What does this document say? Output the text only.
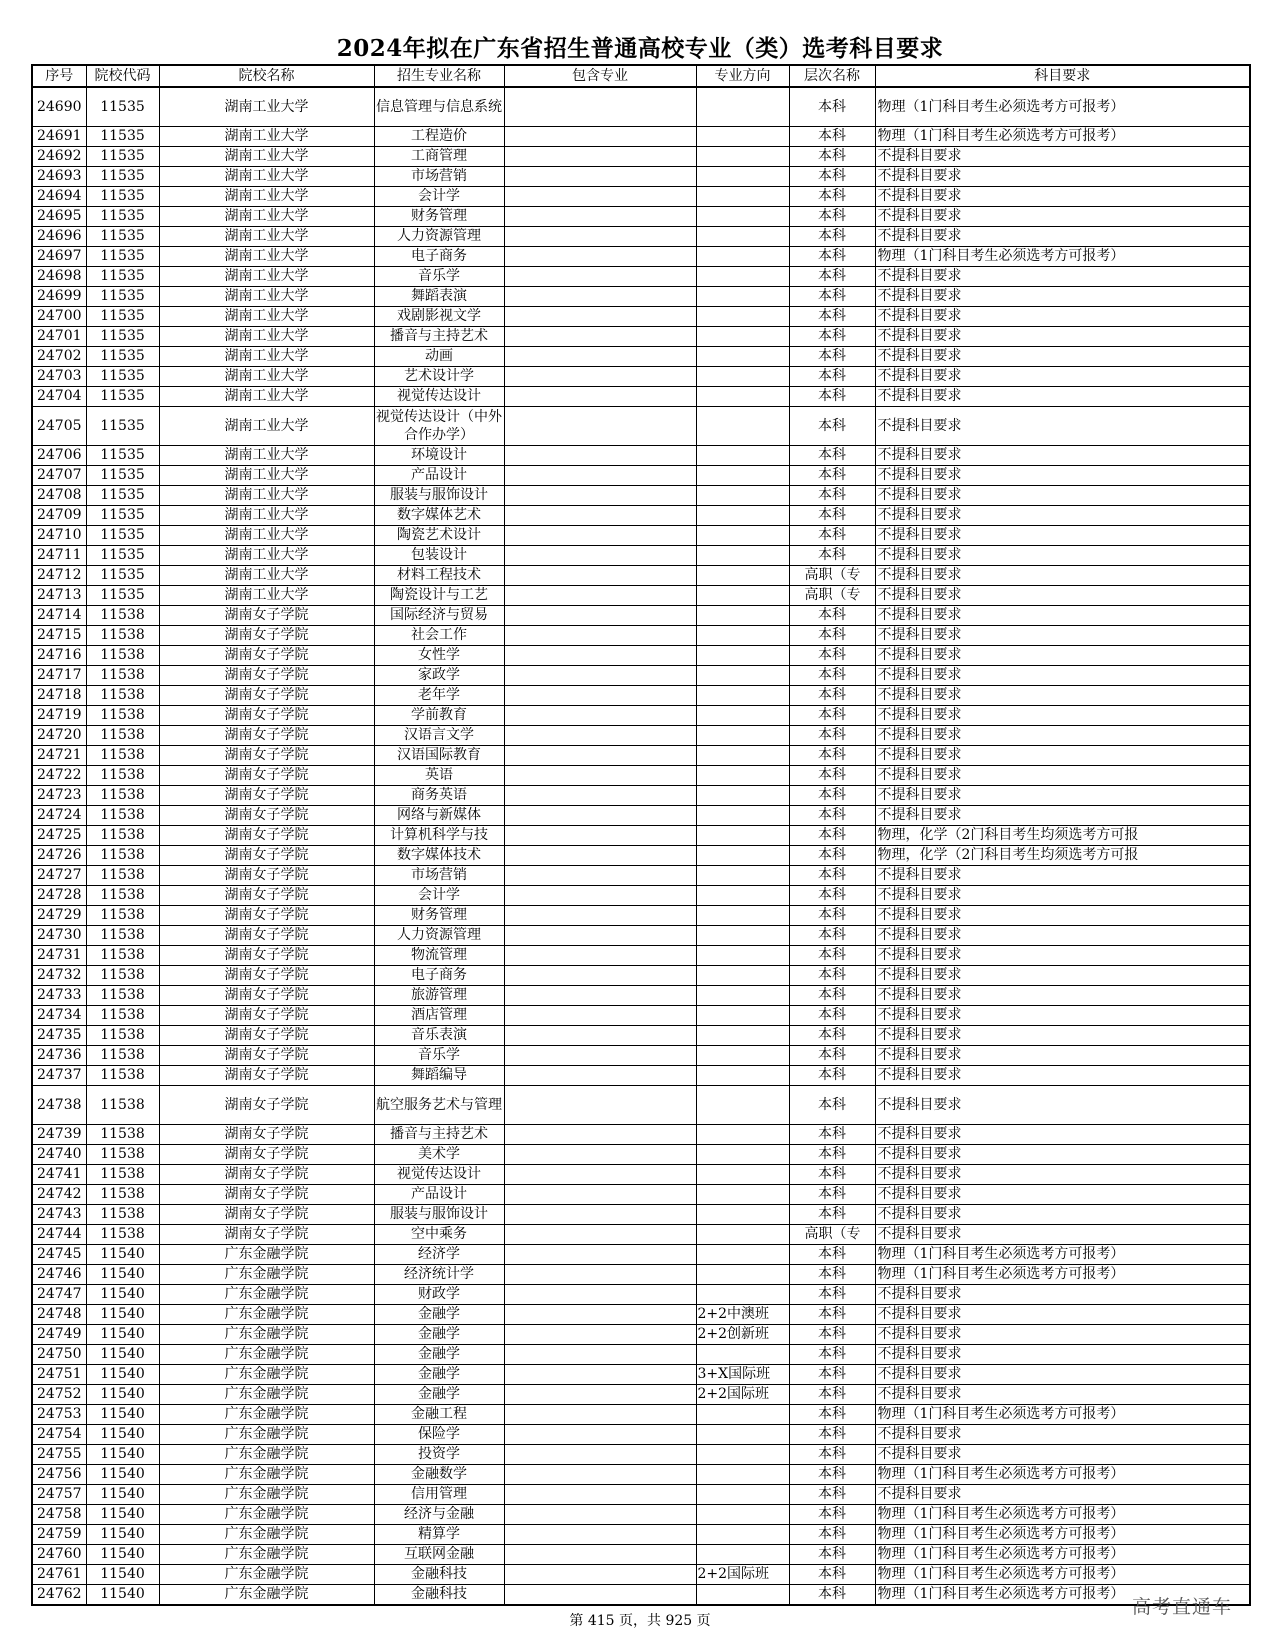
2024年拟在广东省招生普通高校专业（类）选考科目要求
序号	院校代码	院校名称	招生专业名称	包含专业	专业方向	层次名称	科目要求
24690	11535	湖南工业大学	信息管理与信息系统			本科	物理（1门科目考生必须选考方可报考）
24691	11535	湖南工业大学	工程造价			本科	物理（1门科目考生必须选考方可报考）
24692	11535	湖南工业大学	工商管理			本科	不提科目要求
24693	11535	湖南工业大学	市场营销			本科	不提科目要求
24694	11535	湖南工业大学	会计学			本科	不提科目要求
24695	11535	湖南工业大学	财务管理			本科	不提科目要求
24696	11535	湖南工业大学	人力资源管理			本科	不提科目要求
24697	11535	湖南工业大学	电子商务			本科	物理（1门科目考生必须选考方可报考）
24698	11535	湖南工业大学	音乐学			本科	不提科目要求
24699	11535	湖南工业大学	舞蹈表演			本科	不提科目要求
24700	11535	湖南工业大学	戏剧影视文学			本科	不提科目要求
24701	11535	湖南工业大学	播音与主持艺术			本科	不提科目要求
24702	11535	湖南工业大学	动画			本科	不提科目要求
24703	11535	湖南工业大学	艺术设计学			本科	不提科目要求
24704	11535	湖南工业大学	视觉传达设计			本科	不提科目要求
24705	11535	湖南工业大学	视觉传达设计（中外合作办学）			本科	不提科目要求
24706	11535	湖南工业大学	环境设计			本科	不提科目要求
24707	11535	湖南工业大学	产品设计			本科	不提科目要求
24708	11535	湖南工业大学	服装与服饰设计			本科	不提科目要求
24709	11535	湖南工业大学	数字媒体艺术			本科	不提科目要求
24710	11535	湖南工业大学	陶瓷艺术设计			本科	不提科目要求
24711	11535	湖南工业大学	包装设计			本科	不提科目要求
24712	11535	湖南工业大学	材料工程技术			高职（专	不提科目要求
24713	11535	湖南工业大学	陶瓷设计与工艺			高职（专	不提科目要求
24714	11538	湖南女子学院	国际经济与贸易			本科	不提科目要求
24715	11538	湖南女子学院	社会工作			本科	不提科目要求
24716	11538	湖南女子学院	女性学			本科	不提科目要求
24717	11538	湖南女子学院	家政学			本科	不提科目要求
24718	11538	湖南女子学院	老年学			本科	不提科目要求
24719	11538	湖南女子学院	学前教育			本科	不提科目要求
24720	11538	湖南女子学院	汉语言文学			本科	不提科目要求
24721	11538	湖南女子学院	汉语国际教育			本科	不提科目要求
24722	11538	湖南女子学院	英语			本科	不提科目要求
24723	11538	湖南女子学院	商务英语			本科	不提科目要求
24724	11538	湖南女子学院	网络与新媒体			本科	不提科目要求
24725	11538	湖南女子学院	计算机科学与技			本科	物理，化学（2门科目考生均须选考方可报
24726	11538	湖南女子学院	数字媒体技术			本科	物理，化学（2门科目考生均须选考方可报
24727	11538	湖南女子学院	市场营销			本科	不提科目要求
24728	11538	湖南女子学院	会计学			本科	不提科目要求
24729	11538	湖南女子学院	财务管理			本科	不提科目要求
24730	11538	湖南女子学院	人力资源管理			本科	不提科目要求
24731	11538	湖南女子学院	物流管理			本科	不提科目要求
24732	11538	湖南女子学院	电子商务			本科	不提科目要求
24733	11538	湖南女子学院	旅游管理			本科	不提科目要求
24734	11538	湖南女子学院	酒店管理			本科	不提科目要求
24735	11538	湖南女子学院	音乐表演			本科	不提科目要求
24736	11538	湖南女子学院	音乐学			本科	不提科目要求
24737	11538	湖南女子学院	舞蹈编导			本科	不提科目要求
24738	11538	湖南女子学院	航空服务艺术与管理			本科	不提科目要求
24739	11538	湖南女子学院	播音与主持艺术			本科	不提科目要求
24740	11538	湖南女子学院	美术学			本科	不提科目要求
24741	11538	湖南女子学院	视觉传达设计			本科	不提科目要求
24742	11538	湖南女子学院	产品设计			本科	不提科目要求
24743	11538	湖南女子学院	服装与服饰设计			本科	不提科目要求
24744	11538	湖南女子学院	空中乘务			高职（专	不提科目要求
24745	11540	广东金融学院	经济学			本科	物理（1门科目考生必须选考方可报考）
24746	11540	广东金融学院	经济统计学			本科	物理（1门科目考生必须选考方可报考）
24747	11540	广东金融学院	财政学			本科	不提科目要求
24748	11540	广东金融学院	金融学		2+2中澳班	本科	不提科目要求
24749	11540	广东金融学院	金融学		2+2创新班	本科	不提科目要求
24750	11540	广东金融学院	金融学			本科	不提科目要求
24751	11540	广东金融学院	金融学		3+X国际班	本科	不提科目要求
24752	11540	广东金融学院	金融学		2+2国际班	本科	不提科目要求
24753	11540	广东金融学院	金融工程			本科	物理（1门科目考生必须选考方可报考）
24754	11540	广东金融学院	保险学			本科	不提科目要求
24755	11540	广东金融学院	投资学			本科	不提科目要求
24756	11540	广东金融学院	金融数学			本科	物理（1门科目考生必须选考方可报考）
24757	11540	广东金融学院	信用管理			本科	不提科目要求
24758	11540	广东金融学院	经济与金融			本科	物理（1门科目考生必须选考方可报考）
24759	11540	广东金融学院	精算学			本科	物理（1门科目考生必须选考方可报考）
24760	11540	广东金融学院	互联网金融			本科	物理（1门科目考生必须选考方可报考）
24761	11540	广东金融学院	金融科技		2+2国际班	本科	物理（1门科目考生必须选考方可报考）
24762	11540	广东金融学院	金融科技			本科	物理（1门科目考生必须选考方可报考）
第 415 页，共 925 页
高考直通车
